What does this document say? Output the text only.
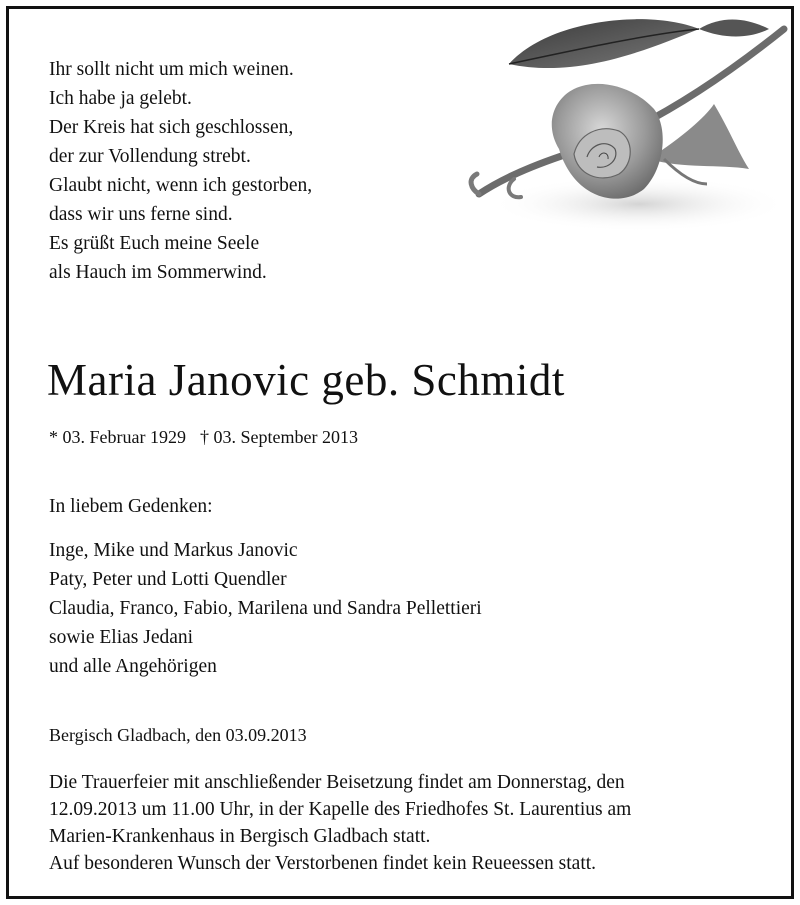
Ihr sollt nicht um mich weinen.
Ich habe ja gelebt.
Der Kreis hat sich geschlossen,
der zur Vollendung strebt.
Glaubt nicht, wenn ich gestorben,
dass wir uns ferne sind.
Es grüßt Euch meine Seele
als Hauch im Sommerwind.
Maria Janovic geb. Schmidt
* 03. Februar 1929 † 03. September 2013
In liebem Gedenken:
Inge, Mike und Markus Janovic
Paty, Peter und Lotti Quendler
Claudia, Franco, Fabio, Marilena und Sandra Pellettieri
sowie Elias Jedani
und alle Angehörigen
Bergisch Gladbach, den 03.09.2013
Die Trauerfeier mit anschließender Beisetzung findet am Donnerstag, den
12.09.2013 um 11.00 Uhr, in der Kapelle des Friedhofes St. Laurentius am
Marien-Krankenhaus in Bergisch Gladbach statt.
Auf besonderen Wunsch der Verstorbenen findet kein Reueessen statt.
